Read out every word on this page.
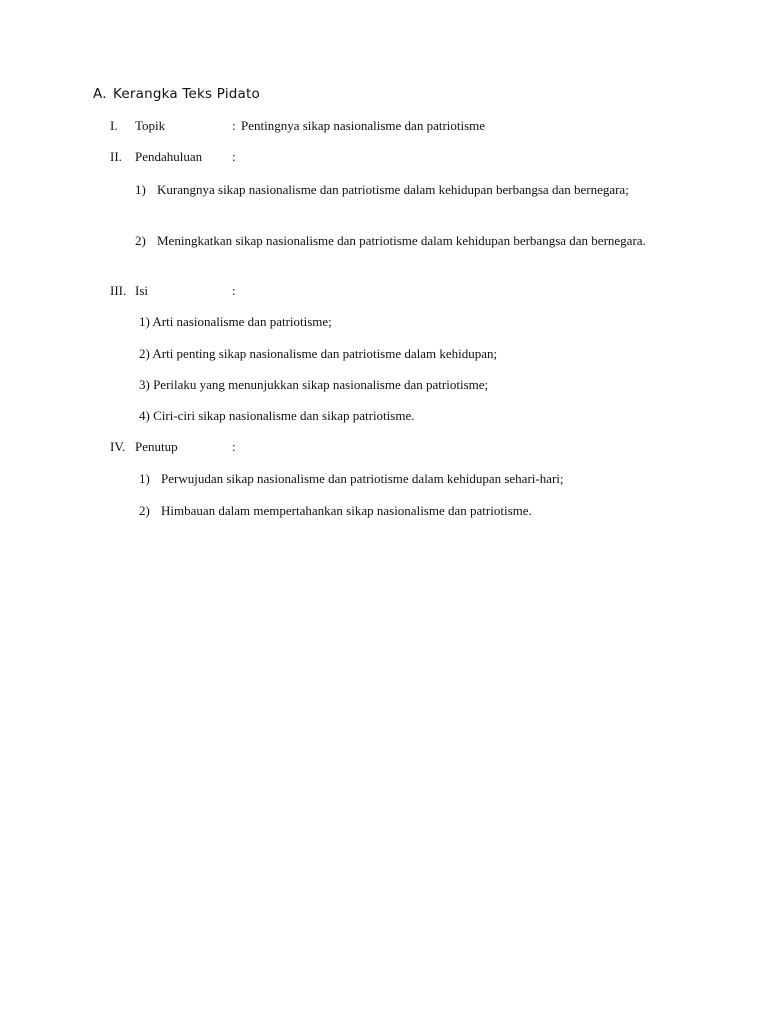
A. Kerangka Teks Pidato
I. Topik	: Pentingnya sikap nasionalisme dan patriotisme
II. Pendahuluan :
1) Kurangnya sikap nasionalisme dan patriotisme dalam kehidupan berbangsa dan bernegara;
2) Meningkatkan sikap nasionalisme dan patriotisme dalam kehidupan berbangsa dan bernegara.
III. Isi	:
1) Arti nasionalisme dan patriotisme;
2) Arti penting sikap nasionalisme dan patriotisme dalam kehidupan;
3) Perilaku yang menunjukkan sikap nasionalisme dan patriotisme;
4) Ciri-ciri sikap nasionalisme dan sikap patriotisme.
IV. Penutup	:
1) Perwujudan sikap nasionalisme dan patriotisme dalam kehidupan sehari-hari;
2) Himbauan dalam mempertahankan sikap nasionalisme dan patriotisme.
